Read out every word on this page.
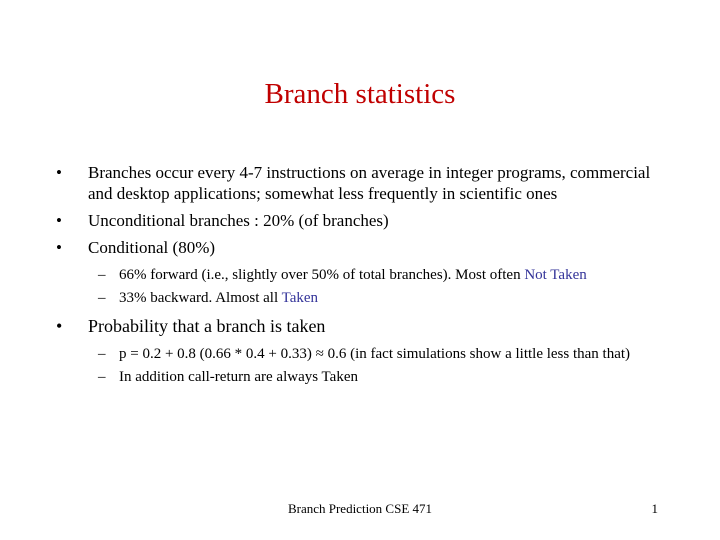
Branch statistics
• Branches occur every 4-7 instructions on average in integer programs, commercial and desktop applications; somewhat less frequently in scientific ones
• Unconditional branches : 20% (of branches)
• Conditional (80%)
– 66% forward (i.e., slightly over 50% of total branches). Most often Not Taken
– 33% backward. Almost all Taken
• Probability that a branch is taken
– p = 0.2 + 0.8 (0.66 * 0.4 + 0.33) ≈ 0.6 (in fact simulations show a little less than that)
– In addition call-return are always Taken
Branch Prediction CSE 471	1
